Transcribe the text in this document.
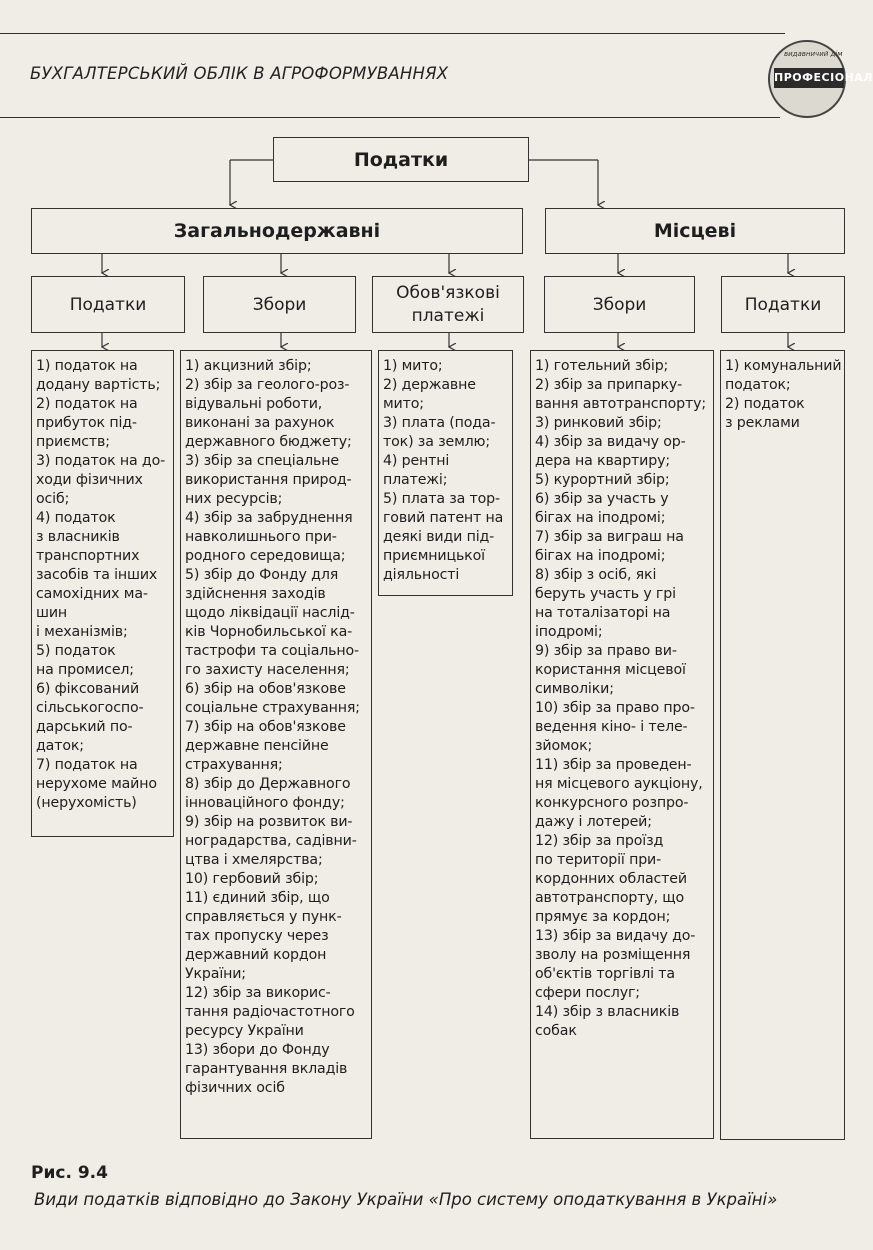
БУХГАЛТЕРСЬКИЙ ОБЛІК В АГРОФОРМУВАННЯХ
видавничий дім
ПРОФЕСІОНАЛ
Податки
Загальнодержавні	Місцеві
Податки	Збори
Обов'язкові
платежі
Збори	Податки
1) податок на
додану вартість;
2) податок на
прибуток під-
приємств;
3) податок на до-
ходи фізичних
осіб;
4) податок
з власників
транспортних
засобів та інших
самохідних ма-
шин
і механізмів;
5) податок
на промисел;
6) фіксований
сільськогоспо-
дарський по-
даток;
7) податок на
нерухоме майно
(нерухомість)
1) акцизний збір;
2) збір за геолого-роз-
відувальні роботи,
виконані за рахунок
державного бюджету;
3) збір за спеціальне
використання природ-
них ресурсів;
4) збір за забруднення
навколишнього при-
родного середовища;
5) збір до Фонду для
здійснення заходів
щодо ліквідації наслід-
ків Чорнобильської ка-
тастрофи та соціально-
го захисту населення;
6) збір на обов'язкове
соціальне страхування;
7) збір на обов'язкове
державне пенсійне
страхування;
8) збір до Державного
інноваційного фонду;
9) збір на розвиток ви-
ноградарства, садівни-
цтва і хмелярства;
10) гербовий збір;
11) єдиний збір, що
справляється у пунк-
тах пропуску через
державний кордон
України;
12) збір за викорис-
тання радіочастотного
ресурсу України
13) збори до Фонду
гарантування вкладів
фізичних осіб
1) мито;
2) державне
мито;
3) плата (пода-
ток) за землю;
4) рентні
платежі;
5) плата за тор-
говий патент на
деякі види під-
приємницької
діяльності
1) готельний збір;
2) збір за припарку-
вання автотранспорту;
3) ринковий збір;
4) збір за видачу ор-
дера на квартиру;
5) курортний збір;
6) збір за участь у
бігах на іподромі;
7) збір за виграш на
бігах на іподромі;
8) збір з осіб, які
беруть участь у грі
на тоталізаторі на
іподромі;
9) збір за право ви-
користання місцевої
символіки;
10) збір за право про-
ведення кіно- і теле-
зйомок;
11) збір за проведен-
ня місцевого аукціону,
конкурсного розпро-
дажу і лотерей;
12) збір за проїзд
по території при-
кордонних областей
автотранспорту, що
прямує за кордон;
13) збір за видачу до-
зволу на розміщення
об'єктів торгівлі та
сфери послуг;
14) збір з власників
собак
1) комунальний
податок;
2) податок
з реклами
Рис. 9.4
Види податків відповідно до Закону України «Про систему оподаткування в Україні»
